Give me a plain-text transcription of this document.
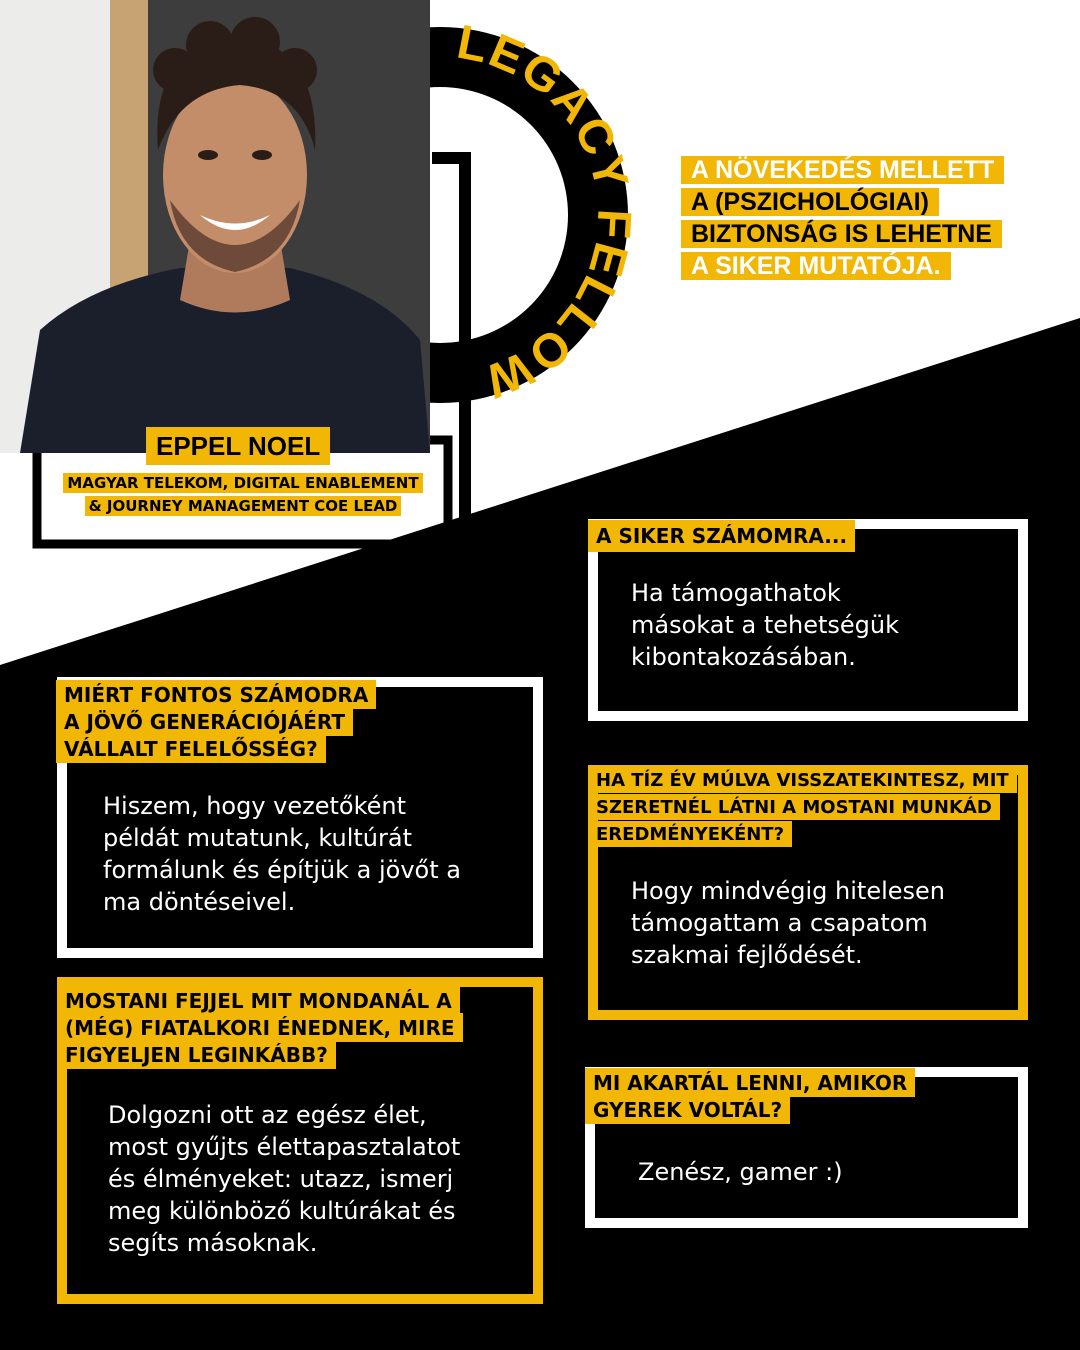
LEGACY FELLOW
EPPEL NOEL
MAGYAR TELEKOM, DIGITAL ENABLEMENT
& JOURNEY MANAGEMENT COE LEAD
A NÖVEKEDÉS MELLETT
A (PSZICHOLÓGIAI)
BIZTONSÁG IS LEHETNE
A SIKER MUTATÓJA.
A SIKER SZÁMOMRA...
Ha támogathatok
másokat a tehetségük
kibontakozásában.
MIÉRT FONTOS SZÁMODRA
A JÖVŐ GENERÁCIÓJÁÉRT
VÁLLALT FELELŐSSÉG?
Hiszem, hogy vezetőként
példát mutatunk, kultúrát
formálunk és építjük a jövőt a
ma döntéseivel.
HA TÍZ ÉV MÚLVA VISSZATEKINTESZ, MIT
SZERETNÉL LÁTNI A MOSTANI MUNKÁD
EREDMÉNYEKÉNT?
Hogy mindvégig hitelesen
támogattam a csapatom
szakmai fejlődését.
MOSTANI FEJJEL MIT MONDANÁL A
(MÉG) FIATALKORI ÉNEDNEK, MIRE
FIGYELJEN LEGINKÁBB?
Dolgozni ott az egész élet,
most gyűjts élettapasztalatot
és élményeket: utazz, ismerj
meg különböző kultúrákat és
segíts másoknak.
MI AKARTÁL LENNI, AMIKOR
GYEREK VOLTÁL?
Zenész, gamer :)
